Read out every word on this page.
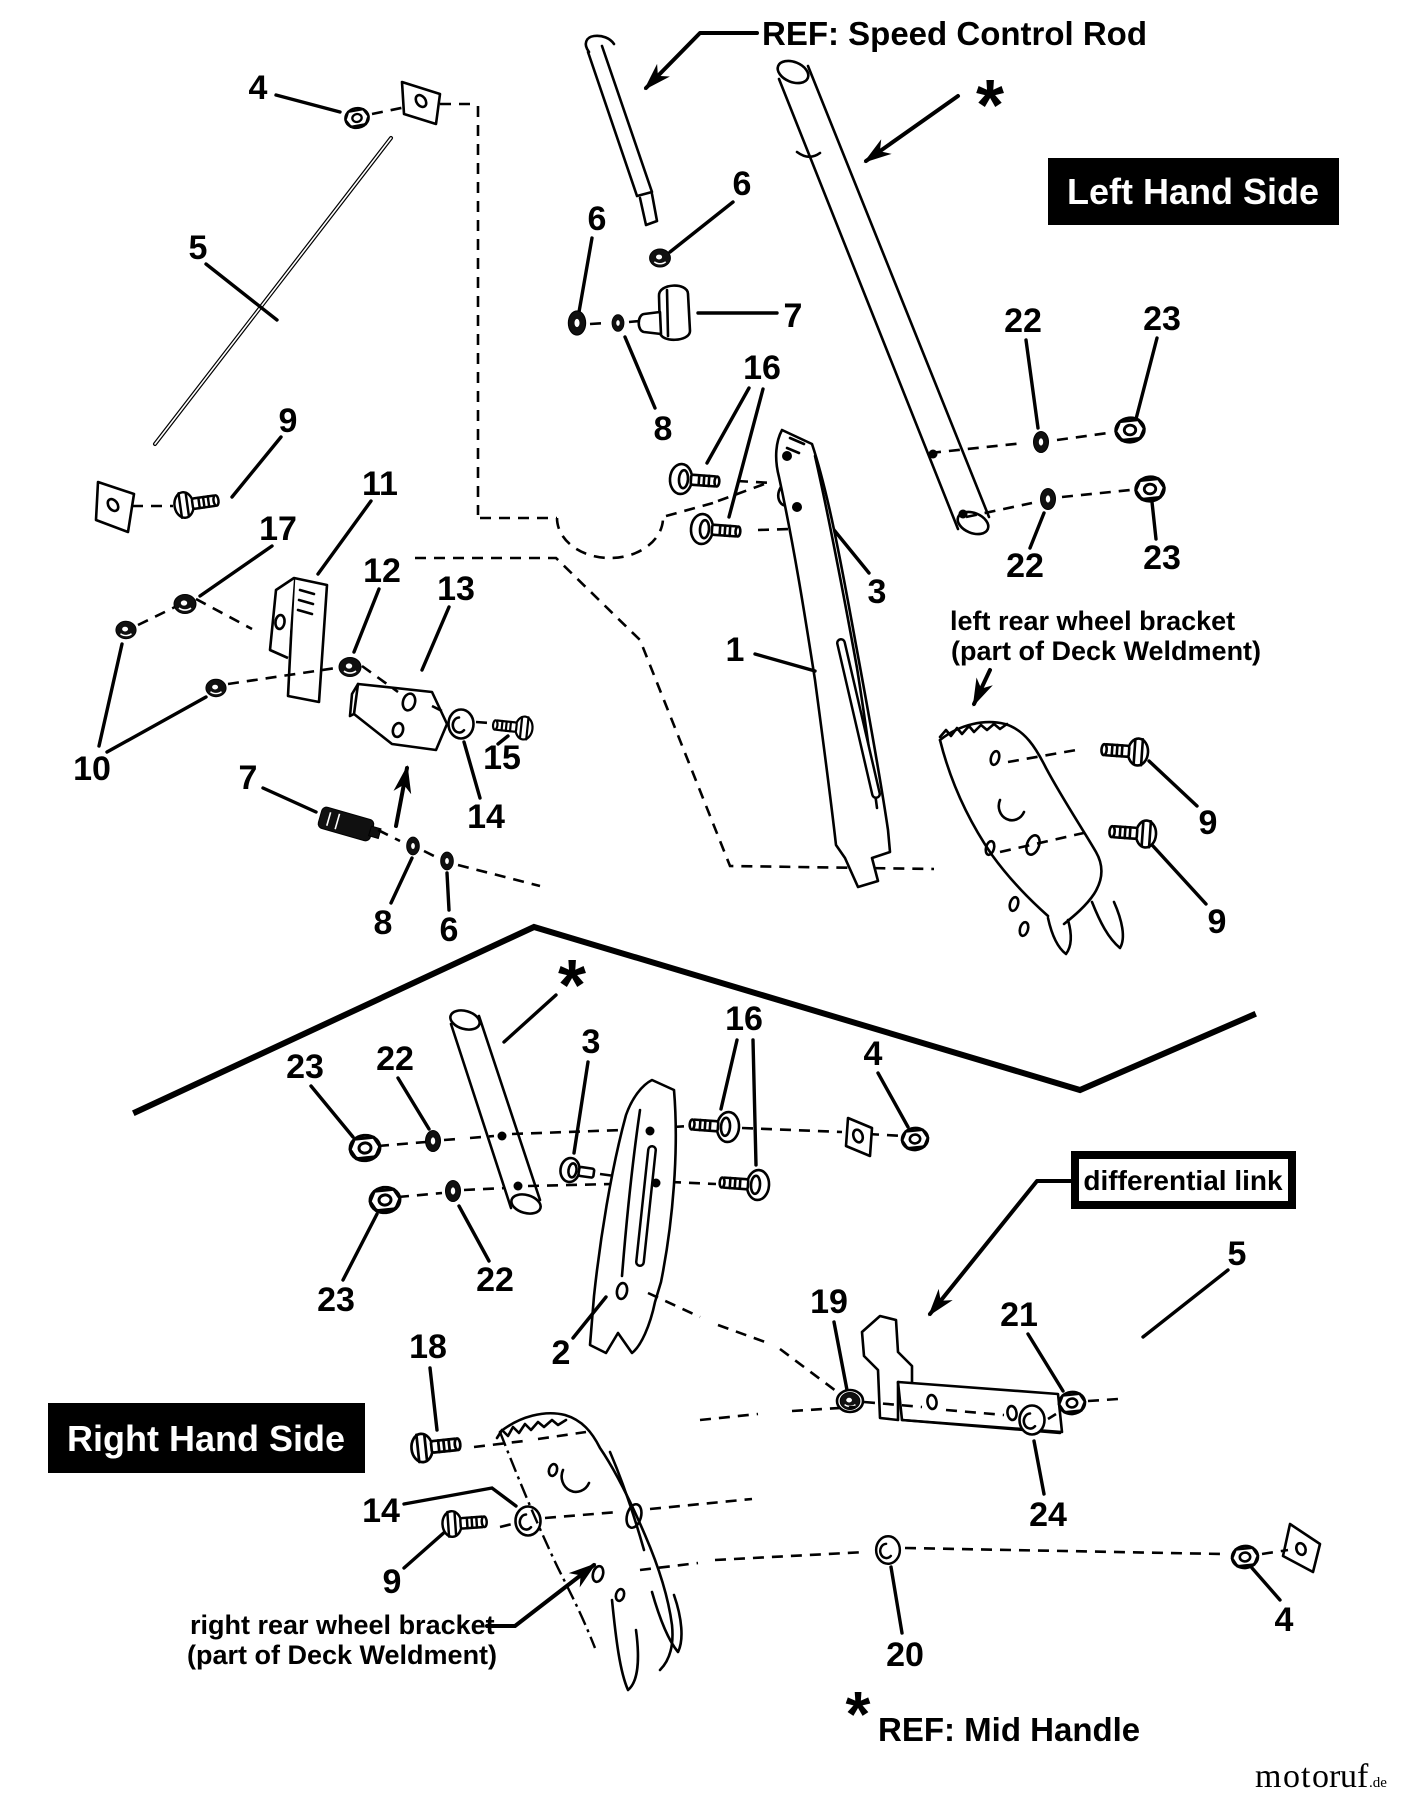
REF: Speed Control Rod
Left Hand Side
*
4
5
9
17
11
10
12 13
14
15
7
8 6
6
6
7
8
16
3
1
22	23
22	23
left rear wheel bracket
(part of Deck Weldment)
9
9
*
23 22
23
22
3
16
2
4
5
differential link
19	21
24
Right Hand Side
18
14
9
right rear wheel bracket
(part of Deck Weldment)	20
4
* REF: Mid Handle
m o t o r u f .de
